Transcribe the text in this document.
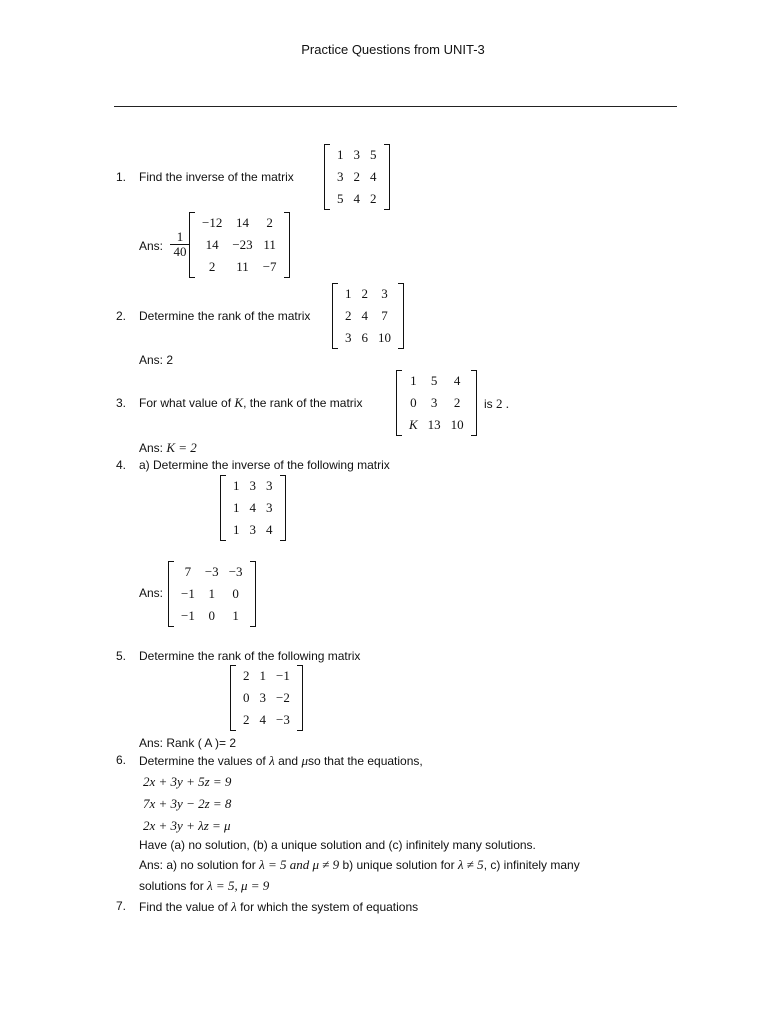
Practice Questions from UNIT-3
1. Find the inverse of the matrix
1	3	5
3	2	4
5	4	2
Ans: $\frac{1}{40}$
−12	14	2
14	−23	11
2	11	−7
2. Determine the rank of the matrix
1	2	3
2	4	7
3	6	10
Ans: 2
3. For what value of K, the rank of the matrix
1	5	4
0	3	2
K	13	10
is 2 .
Ans: K = 2
4. a) Determine the inverse of the following matrix
1	3	3
1	4	3
1	3	4
Ans:
7	−3	−3
−1	1	0
−1	0	1
5. Determine the rank of the following matrix
2	1	−1
0	3	−2
2	4	−3
Ans: Rank ( A )= 2
6. Determine the values of λ and μso that the equations,
2x + 3y + 5z = 9
7x + 3y − 2z = 8
2x + 3y + λz = μ
Have (a) no solution, (b) a unique solution and (c) infinitely many solutions.
Ans: a) no solution for λ = 5 and μ ≠ 9 b) unique solution for λ ≠ 5, c) infinitely many
solutions for λ = 5, μ = 9
7. Find the value of λ for which the system of equations
